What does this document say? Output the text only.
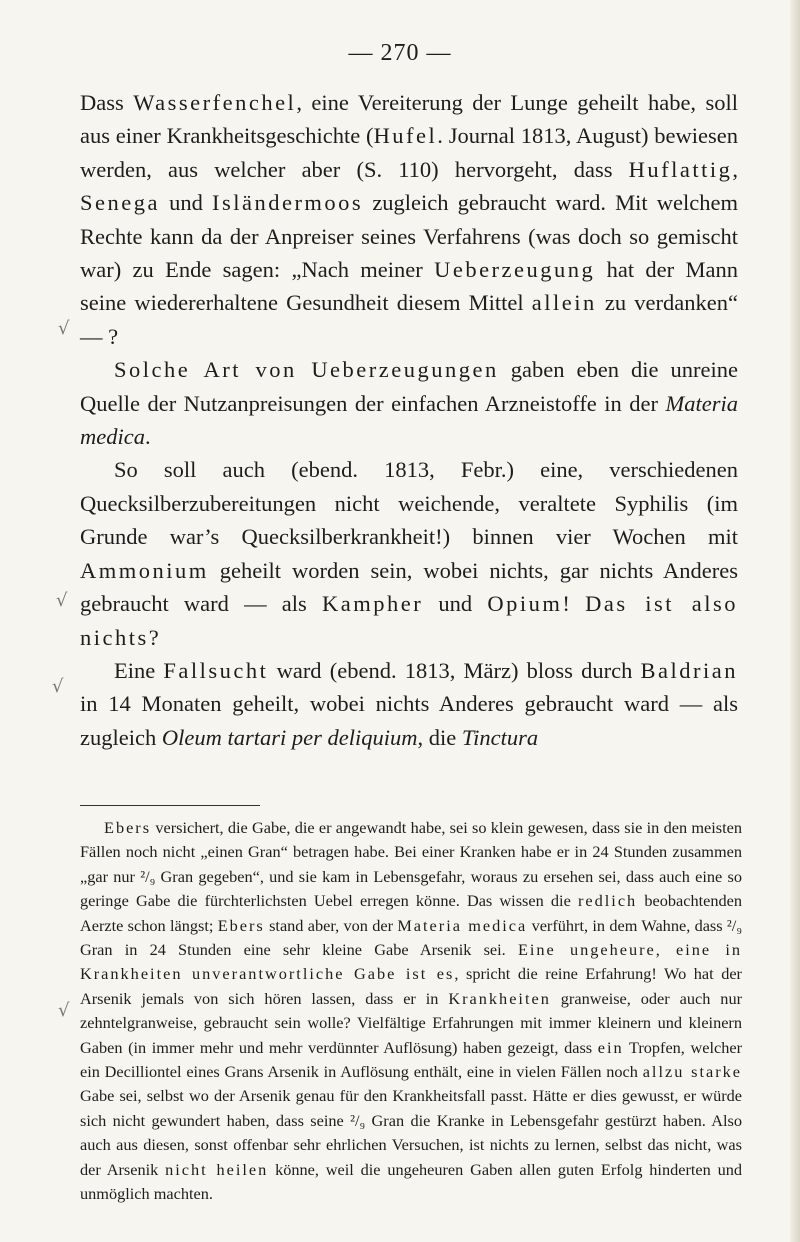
— 270 —

Dass Wasserfenchel, eine Vereiterung der Lunge geheilt habe, soll aus einer Krankheitsgeschichte (Hufel. Journal 1813, August) bewiesen werden, aus welcher aber (S. 110) hervorgeht, dass Huflattig, Senega und Isländermoos zugleich gebraucht ward. Mit welchem Rechte kann da der Anpreiser seines Verfahrens (was doch so gemischt war) zu Ende sagen: „Nach meiner Ueberzeugung hat der Mann seine wiedererhaltene Gesundheit diesem Mittel allein zu verdanken“ — ?

Solche Art von Ueberzeugungen gaben eben die unreine Quelle der Nutzanpreisungen der einfachen Arzneistoffe in der Materia medica.

So soll auch (ebend. 1813, Febr.) eine, verschiedenen Quecksilberzubereitungen nicht weichende, veraltete Syphilis (im Grunde war’s Quecksilberkrankheit!) binnen vier Wochen mit Ammonium geheilt worden sein, wobei nichts, gar nichts Anderes gebraucht ward — als Kampher und Opium! Das ist also nichts?

Eine Fallsucht ward (ebend. 1813, März) bloss durch Baldrian in 14 Monaten geheilt, wobei nichts Anderes gebraucht ward — als zugleich Oleum tartari per deliquium, die Tinctura

Ebers versichert, die Gabe, die er angewandt habe, sei so klein gewesen, dass sie in den meisten Fällen noch nicht „einen Gran“ betragen habe. Bei einer Kranken habe er in 24 Stunden zusammen „gar nur ²/₉ Gran gegeben“, und sie kam in Lebensgefahr, woraus zu ersehen sei, dass auch eine so geringe Gabe die fürchterlichsten Uebel erregen könne. Das wissen die redlich beobachtenden Aerzte schon längst; Ebers stand aber, von der Materia medica verführt, in dem Wahne, dass ²/₉ Gran in 24 Stunden eine sehr kleine Gabe Arsenik sei. Eine ungeheure, eine in Krankheiten unverantwortliche Gabe ist es, spricht die reine Erfahrung! Wo hat der Arsenik jemals von sich hören lassen, dass er in Krankheiten granweise, oder auch nur zehntelgranweise, gebraucht sein wolle? Vielfältige Erfahrungen mit immer kleinern und kleinern Gaben (in immer mehr und mehr verdünnter Auflösung) haben gezeigt, dass ein Tropfen, welcher ein Decilliontel eines Grans Arsenik in Auflösung enthält, eine in vielen Fällen noch allzu starke Gabe sei, selbst wo der Arsenik genau für den Krankheitsfall passt. Hätte er dies gewusst, er würde sich nicht gewundert haben, dass seine ²/₉ Gran die Kranke in Lebensgefahr gestürzt haben. Also auch aus diesen, sonst offenbar sehr ehrlichen Versuchen, ist nichts zu lernen, selbst das nicht, was der Arsenik nicht heilen könne, weil die ungeheuren Gaben allen guten Erfolg hinderten und unmöglich machten.

√
√
√
√
